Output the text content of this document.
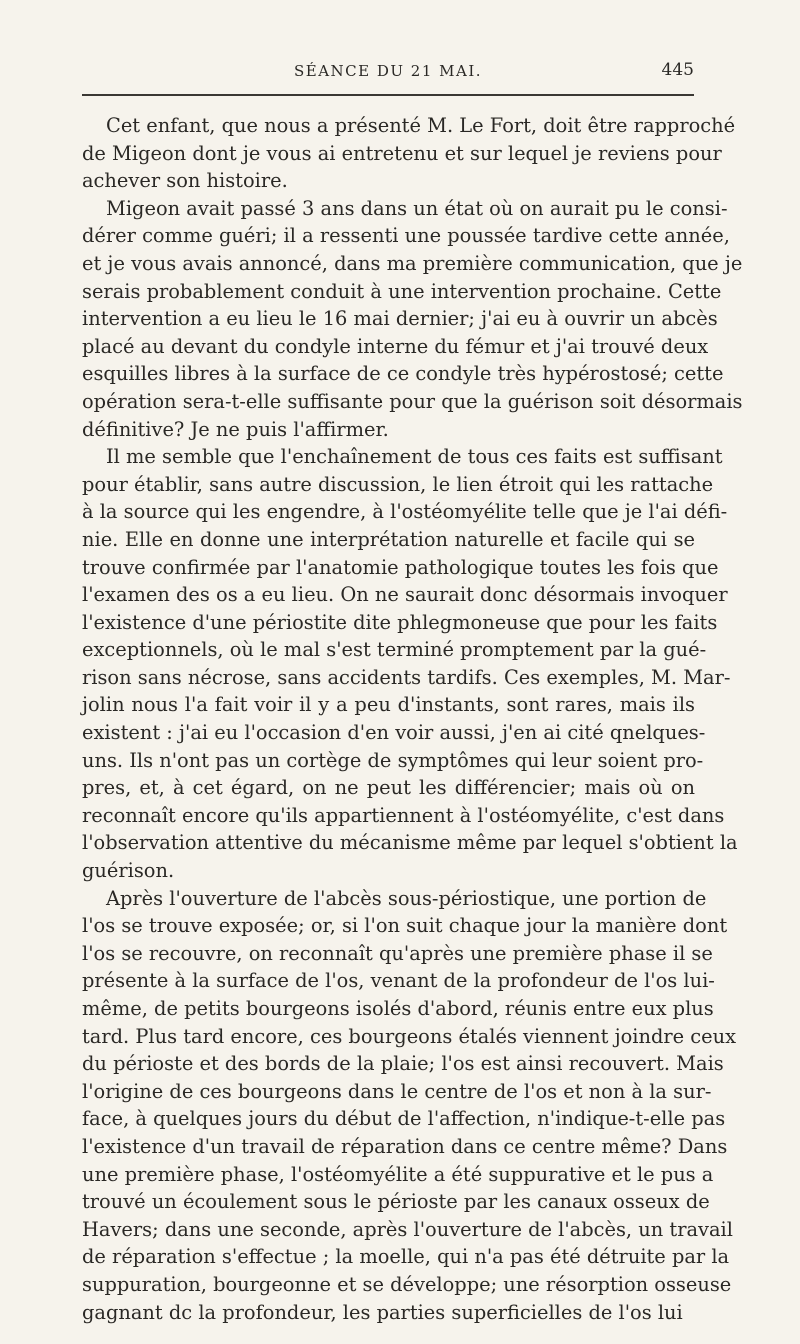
SÉANCE DU 21 MAI.	445
Cet enfant, que nous a présenté M. Le Fort, doit être rapproché
de Migeon dont je vous ai entretenu et sur lequel je reviens pour
achever son histoire.
Migeon avait passé 3 ans dans un état où on aurait pu le consi-
dérer comme guéri; il a ressenti une poussée tardive cette année,
et je vous avais annoncé, dans ma première communication, que je
serais probablement conduit à une intervention prochaine. Cette
intervention a eu lieu le 16 mai dernier; j'ai eu à ouvrir un abcès
placé au devant du condyle interne du fémur et j'ai trouvé deux
esquilles libres à la surface de ce condyle très hypérostosé; cette
opération sera-t-elle suffisante pour que la guérison soit désormais
définitive? Je ne puis l'affirmer.
Il me semble que l'enchaînement de tous ces faits est suffisant
pour établir, sans autre discussion, le lien étroit qui les rattache
à la source qui les engendre, à l'ostéomyélite telle que je l'ai défi-
nie. Elle en donne une interprétation naturelle et facile qui se
trouve confirmée par l'anatomie pathologique toutes les fois que
l'examen des os a eu lieu. On ne saurait donc désormais invoquer
l'existence d'une périostite dite phlegmoneuse que pour les faits
exceptionnels, où le mal s'est terminé promptement par la gué-
rison sans nécrose, sans accidents tardifs. Ces exemples, M. Mar-
jolin nous l'a fait voir il y a peu d'instants, sont rares, mais ils
existent : j'ai eu l'occasion d'en voir aussi, j'en ai cité qnelques-
uns. Ils n'ont pas un cortège de symptômes qui leur soient pro-
pres, et, à cet égard, on ne peut les différencier; mais où on
reconnaît encore qu'ils appartiennent à l'ostéomyélite, c'est dans
l'observation attentive du mécanisme même par lequel s'obtient la
guérison.
Après l'ouverture de l'abcès sous-périostique, une portion de
l'os se trouve exposée; or, si l'on suit chaque jour la manière dont
l'os se recouvre, on reconnaît qu'après une première phase il se
présente à la surface de l'os, venant de la profondeur de l'os lui-
même, de petits bourgeons isolés d'abord, réunis entre eux plus
tard. Plus tard encore, ces bourgeons étalés viennent joindre ceux
du périoste et des bords de la plaie; l'os est ainsi recouvert. Mais
l'origine de ces bourgeons dans le centre de l'os et non à la sur-
face, à quelques jours du début de l'affection, n'indique-t-elle pas
l'existence d'un travail de réparation dans ce centre même? Dans
une première phase, l'ostéomyélite a été suppurative et le pus a
trouvé un écoulement sous le périoste par les canaux osseux de
Havers; dans une seconde, après l'ouverture de l'abcès, un travail
de réparation s'effectue ; la moelle, qui n'a pas été détruite par la
suppuration, bourgeonne et se développe; une résorption osseuse
gagnant dc la profondeur, les parties superficielles de l'os lui
